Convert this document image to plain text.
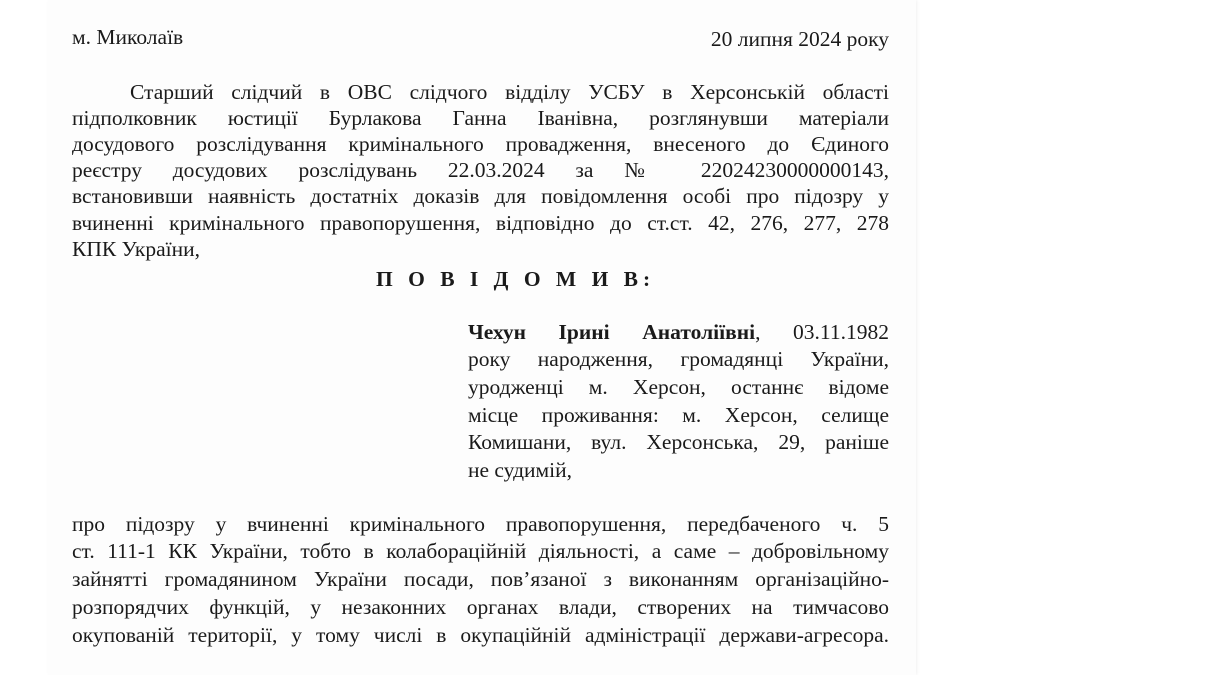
м. Миколаїв	20 липня 2024 року
Старший слідчий в ОВС слідчого відділу УСБУ в Херсонській області
підполковник юстиції Бурлакова Ганна Іванівна, розглянувши матеріали
досудового розслідування кримінального провадження, внесеного до Єдиного
реєстру досудових розслідувань 22.03.2024 за № 22024230000000143,
встановивши наявність достатніх доказів для повідомлення особі про підозру у
вчиненні кримінального правопорушення, відповідно до ст.ст. 42, 276, 277, 278
КПК України,
П О В І Д О М И В:
Чехун Ірині Анатоліївні, 03.11.1982
року народження, громадянці України,
уродженці м. Херсон, останнє відоме
місце проживання: м. Херсон, селище
Комишани, вул. Херсонська, 29, раніше
не судимій,
про підозру у вчиненні кримінального правопорушення, передбаченого ч. 5
ст. 111-1 КК України, тобто в колабораційній діяльності, а саме – добровільному
зайнятті громадянином України посади, пов’язаної з виконанням організаційно-
розпорядчих функцій, у незаконних органах влади, створених на тимчасово
окупованій території, у тому числі в окупаційній адміністрації держави-агресора.
